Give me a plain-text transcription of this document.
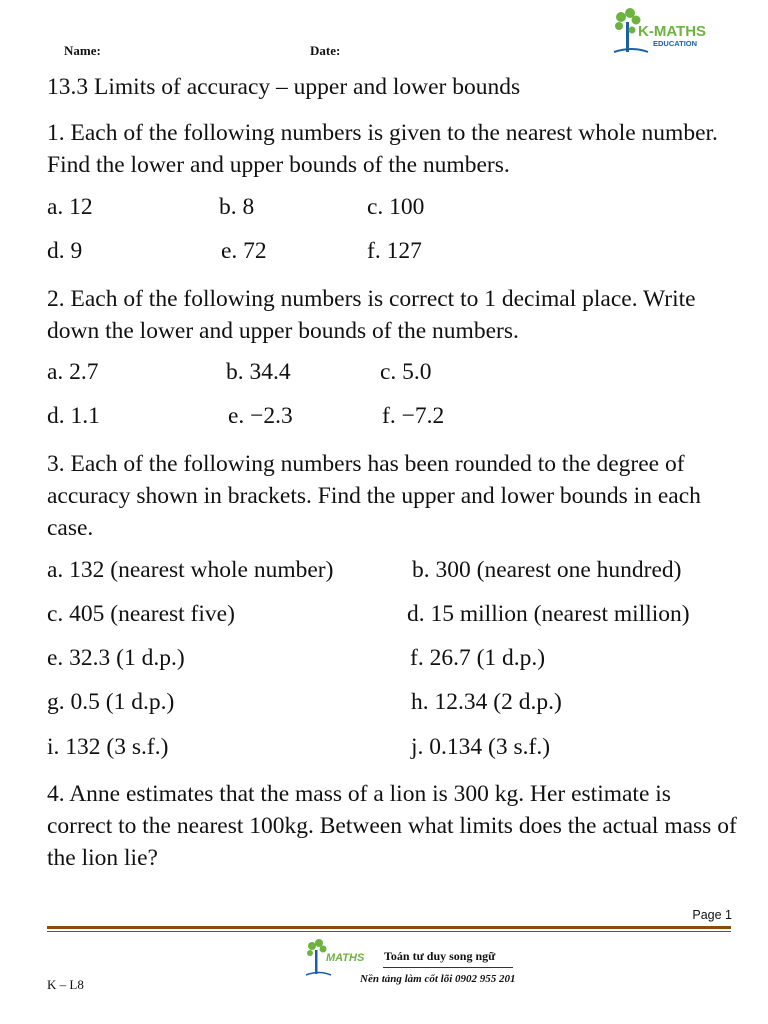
Name:	Date:
K-MATHS
EDUCATION
13.3 Limits of accuracy – upper and lower bounds
1. Each of the following numbers is given to the nearest whole number. Find the lower and upper bounds of the numbers.
a. 12	b. 8	c. 100
d. 9	e. 72	f. 127
2. Each of the following numbers is correct to 1 decimal place. Write down the lower and upper bounds of the numbers.
a. 2.7	b. 34.4	c. 5.0
d. 1.1	e. −2.3	f. −7.2
3. Each of the following numbers has been rounded to the degree of accuracy shown in brackets. Find the upper and lower bounds in each case.
a. 132 (nearest whole number)	b. 300 (nearest one hundred)
c. 405 (nearest five)	d. 15 million (nearest million)
e. 32.3 (1 d.p.)	f. 26.7 (1 d.p.)
g. 0.5 (1 d.p.)	h. 12.34 (2 d.p.)
i. 132 (3 s.f.)	j. 0.134 (3 s.f.)
4. Anne estimates that the mass of a lion is 300 kg. Her estimate is correct to the nearest 100kg. Between what limits does the actual mass of the lion lie?
Page 1
MATHS Toán tư duy song ngữ
Nền tảng làm cốt lõi 0902 955 201
K – L8
